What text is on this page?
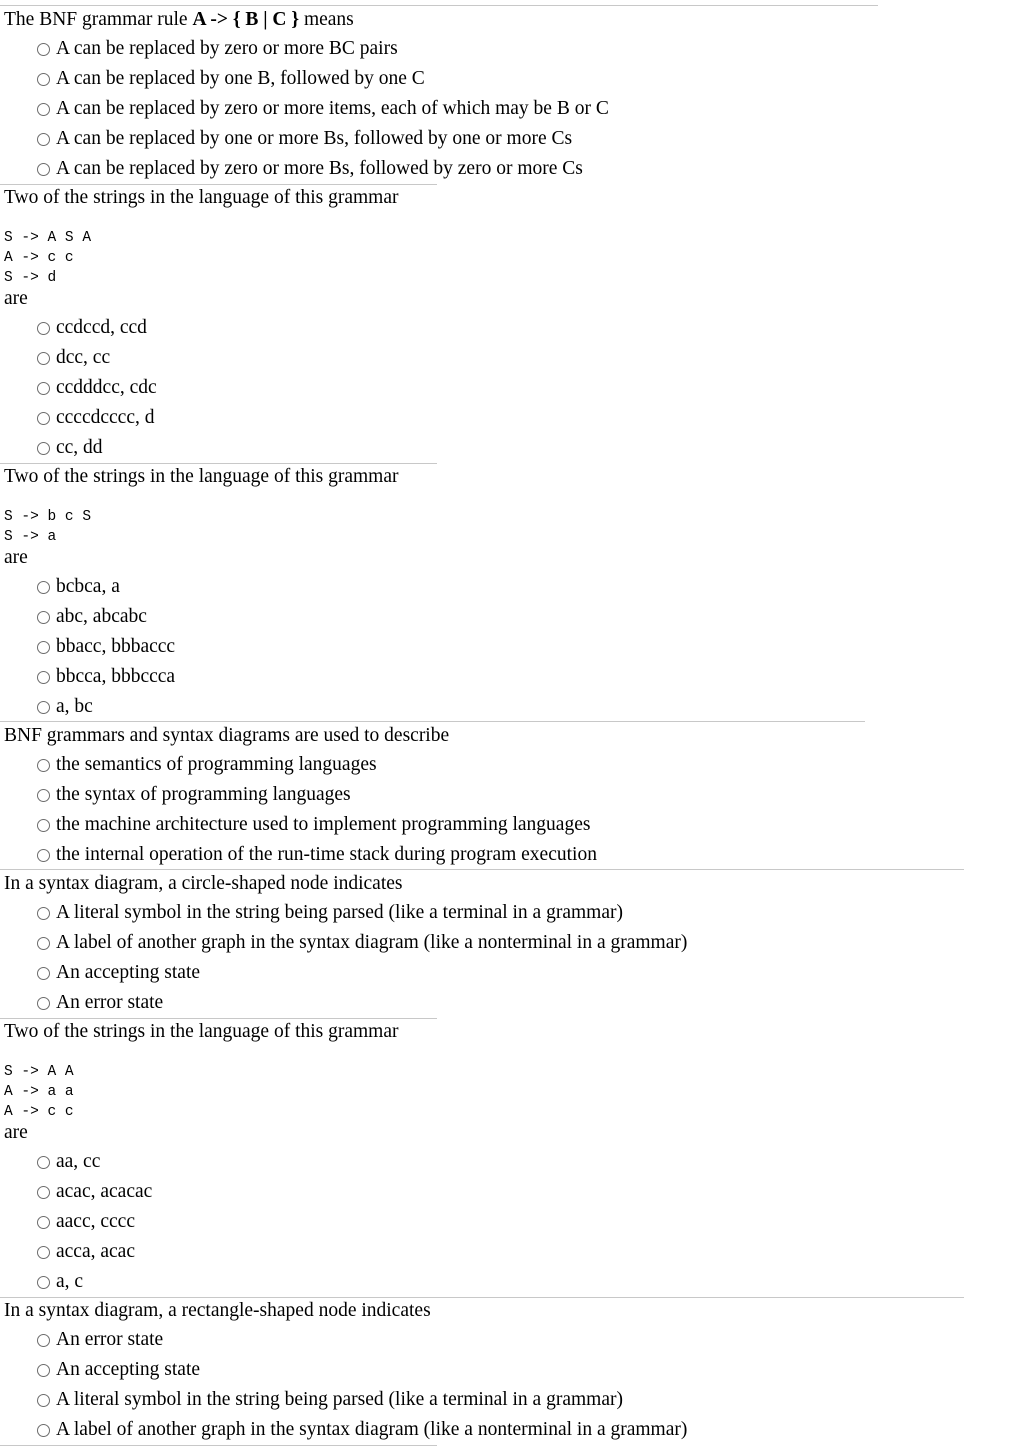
The BNF grammar rule A -> { B | C } means
A can be replaced by zero or more BC pairs
A can be replaced by one B, followed by one C
A can be replaced by zero or more items, each of which may be B or C
A can be replaced by one or more Bs, followed by one or more Cs
A can be replaced by zero or more Bs, followed by zero or more Cs
Two of the strings in the language of this grammar
S -> A S A
A -> c c
S -> d
are
ccdccd, ccd
dcc, cc
ccdddcc, cdc
ccccdcccc, d
cc, dd
Two of the strings in the language of this grammar
S -> b c S
S -> a
are
bcbca, a
abc, abcabc
bbacc, bbbaccc
bbcca, bbbccca
a, bc
BNF grammars and syntax diagrams are used to describe
the semantics of programming languages
the syntax of programming languages
the machine architecture used to implement programming languages
the internal operation of the run-time stack during program execution
In a syntax diagram, a circle-shaped node indicates
A literal symbol in the string being parsed (like a terminal in a grammar)
A label of another graph in the syntax diagram (like a nonterminal in a grammar)
An accepting state
An error state
Two of the strings in the language of this grammar
S -> A A
A -> a a
A -> c c
are
aa, cc
acac, acacac
aacc, cccc
acca, acac
a, c
In a syntax diagram, a rectangle-shaped node indicates
An error state
An accepting state
A literal symbol in the string being parsed (like a terminal in a grammar)
A label of another graph in the syntax diagram (like a nonterminal in a grammar)
